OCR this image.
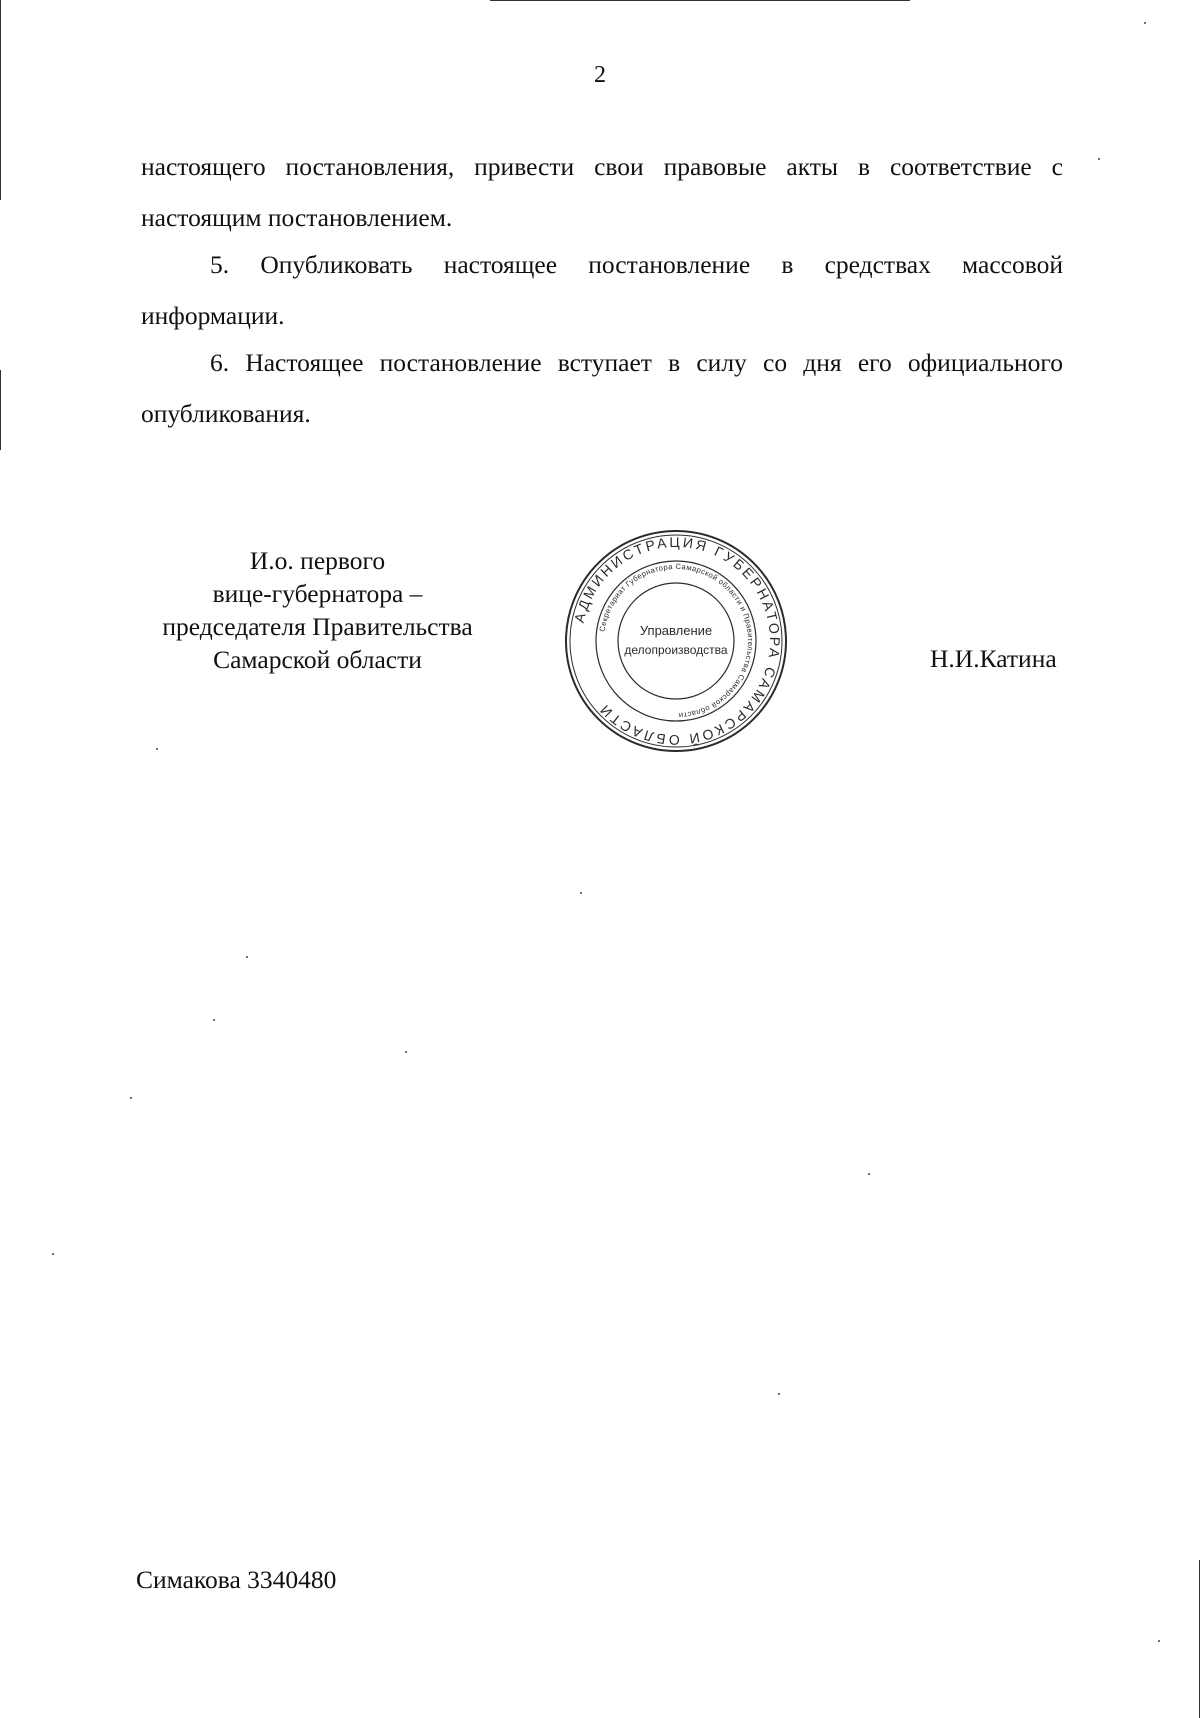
2

настоящего постановления, привести свои правовые акты в соответствие с настоящим постановлением.

5. Опубликовать настоящее постановление в средствах массовой информации.

6. Настоящее постановление вступает в силу со дня его официального опубликования.

И.о. первого
вице-губернатора –
председателя Правительства
Самарской области
АДМИНИСТРАЦИЯ ГУБЕРНАТОРА САМАРСКОЙ ОБЛАСТИ
Секретариат Губернатора Самарской области и Правительства Самарской области
Управление
делопроизводства	Н.И.Катина
Симакова 3340480
